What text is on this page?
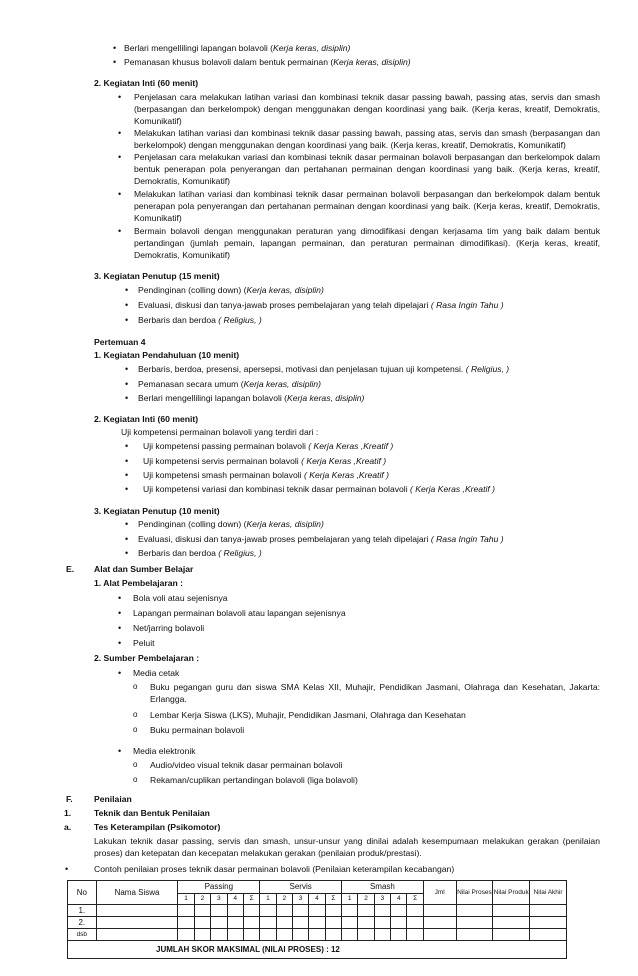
• Berlari mengellilingi lapangan bolavoli (Kerja keras, disiplin)
• Pemanasan khusus bolavoli dalam bentuk permainan (Kerja keras, disiplin)
2. Kegiatan Inti (60 menit)
• Penjelasan cara melakukan latihan variasi dan kombinasi teknik dasar passing bawah, passing atas, servis dan smash (berpasangan dan berkelompok) dengan menggunakan dengan koordinasi yang baik. (Kerja keras, kreatif, Demokratis, Komunikatif)
• Melakukan latihan variasi dan kombinasi teknik dasar passing bawah, passing atas, servis dan smash (berpasangan dan berkelompok) dengan menggunakan dengan koordinasi yang baik. (Kerja keras, kreatif, Demokratis, Komunikatif)
• Penjelasan cara melakukan variasi dan kombinasi teknik dasar permainan bolavoli berpasangan dan berkelompok dalam bentuk penerapan pola penyerangan dan pertahanan permainan dengan koordinasi yang baik. (Kerja keras, kreatif, Demokratis, Komunikatif)
• Melakukan latihan variasi dan kombinasi teknik dasar permainan bolavoli berpasangan dan berkelompok dalam bentuk penerapan pola penyerangan dan pertahanan permainan dengan koordinasi yang baik. (Kerja keras, kreatif, Demokratis, Komunikatif)
• Bermain bolavoli dengan menggunakan peraturan yang dimodifikasi dengan kerjasama tim yang baik dalam bentuk pertandingan (jumlah pemain, lapangan permainan, dan peraturan permainan dimodifikasi). (Kerja keras, kreatif, Demokratis, Komunikatif)
3. Kegiatan Penutup (15 menit)
• Pendinginan (colling down) (Kerja keras, disiplin)
• Evaluasi, diskusi dan tanya-jawab proses pembelajaran yang telah dipelajari ( Rasa Ingin Tahu )
• Berbaris dan berdoa ( Religius, )
Pertemuan 4
1. Kegiatan Pendahuluan (10 menit)
• Berbaris, berdoa, presensi, apersepsi, motivasi dan penjelasan tujuan uji kompetensi. ( Religius, )
• Pemanasan secara umum (Kerja keras, disiplin)
• Berlari mengellilingi lapangan bolavoli (Kerja keras, disiplin)
2. Kegiatan Inti (60 menit)
Uji kompetensi permainan bolavoli yang terdiri dari :
• Uji kompetensi passing permainan bolavoli ( Kerja Keras ,Kreatif )
• Uji kompetensi servis permainan bolavoli ( Kerja Keras ,Kreatif )
• Uji kompetensi smash permainan bolavoli ( Kerja Keras ,Kreatif )
• Uji kompetensi variasi dan kombinasi teknik dasar permainan bolavoli ( Kerja Keras ,Kreatif )
3. Kegiatan Penutup (10 menit)
• Pendinginan (colling down) (Kerja keras, disiplin)
• Evaluasi, diskusi dan tanya-jawab proses pembelajaran yang telah dipelajari ( Rasa Ingin Tahu )
• Berbaris dan berdoa ( Religius, )
E. Alat dan Sumber Belajar
1. Alat Pembelajaran :
• Bola voli atau sejenisnya
• Lapangan permainan bolavoli atau lapangan sejenisnya
• Net/jarring bolavoli
• Peluit
2. Sumber Pembelajaran :
• Media cetak
o Buku pegangan guru dan siswa SMA Kelas XII, Muhajir, Pendidikan Jasmani, Olahraga dan Kesehatan, Jakarta: Erlangga.
o Lembar Kerja Siswa (LKS), Muhajir, Pendidikan Jasmani, Olahraga dan Kesehatan
o Buku permainan bolavoli
• Media elektronik
o Audio/video visual teknik dasar permainan bolavoli
o Rekaman/cuplikan pertandingan bolavoli (liga bolavoli)
F. Penilaian
1.	Teknik dan Bentuk Penilaian
a.	Tes Keterampilan (Psikomotor)
Lakukan teknik dasar passing, servis dan smash, unsur-unsur yang dinilai adalah kesempumaan melakukan gerakan (penilaian proses) dan ketepatan dan kecepatan melakukan gerakan (penilaian produk/prestasi).
•	Contoh penilaian proses teknik dasar permainan bolavoli (Penilaian keterampilan kecabangan)
No	Nama Siswa	Passing					Servis					Smash					Jml	Nilai Proses	Nilai Produk	Nilai Akhir
		1	2	3	4	Σ	1	2	3	4	Σ	1	2	3	4	Σ				
1.																				
2.																				
dsb																				
JUMLAH SKOR MAKSIMAL (NILAI PROSES) : 12																				
